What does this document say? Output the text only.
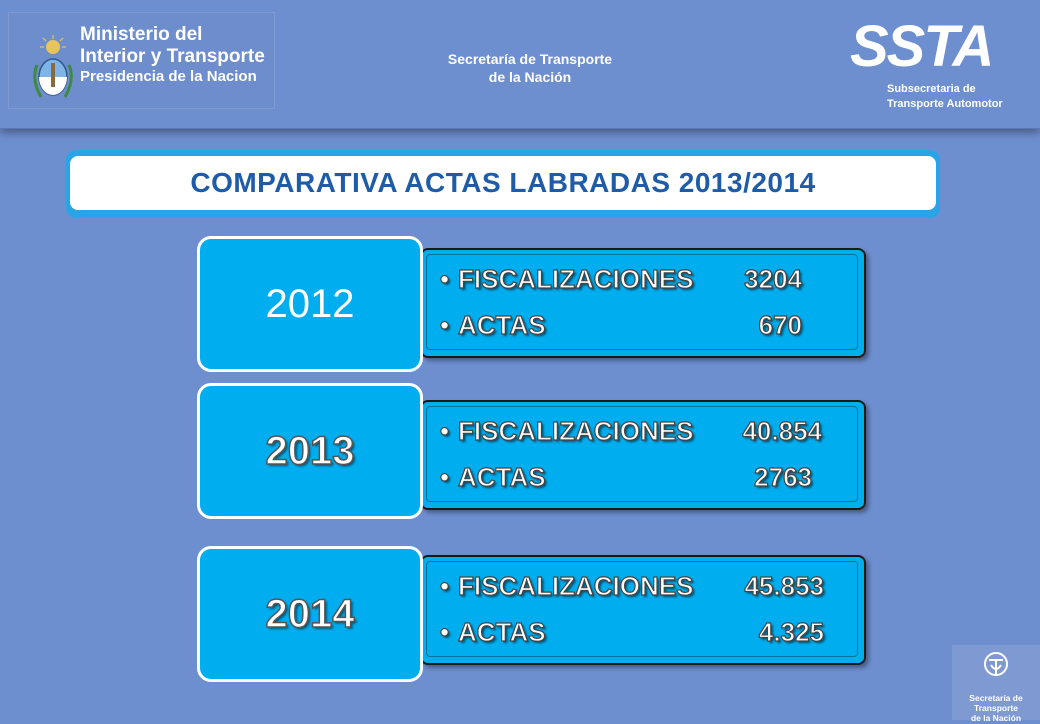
Ministerio del
Interior y Transporte
Presidencia de la Nacion
Secretaría de Transporte
de la Nación	SSTA
Subsecretaria de
Transporte Automotor
COMPARATIVA ACTAS LABRADAS 2013/2014
• FISCALIZACIONES	3204
• ACTAS	670
2012
• FISCALIZACIONES	40.854
• ACTAS	2763
2013
• FISCALIZACIONES	45.853
• ACTAS	4.325
2014
Secretaría de Transporte
de la Nación
